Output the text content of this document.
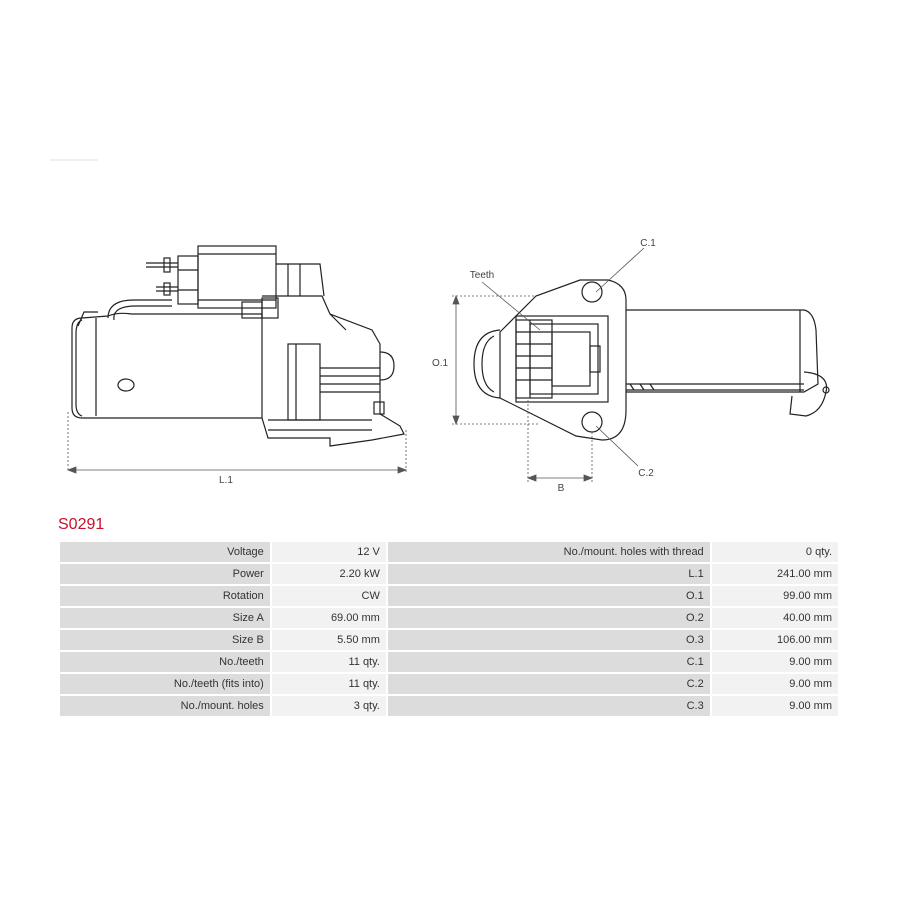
L.1
O.1
B
Teeth
C.1
C.2
S0291
Voltage	12 V	No./mount. holes with thread	0 qty.
Power	2.20 kW	L.1	241.00 mm
Rotation	CW	O.1	99.00 mm
Size A	69.00 mm	O.2	40.00 mm
Size B	5.50 mm	O.3	106.00 mm
No./teeth	11 qty.	C.1	9.00 mm
No./teeth (fits into)	11 qty.	C.2	9.00 mm
No./mount. holes	3 qty.	C.3	9.00 mm
